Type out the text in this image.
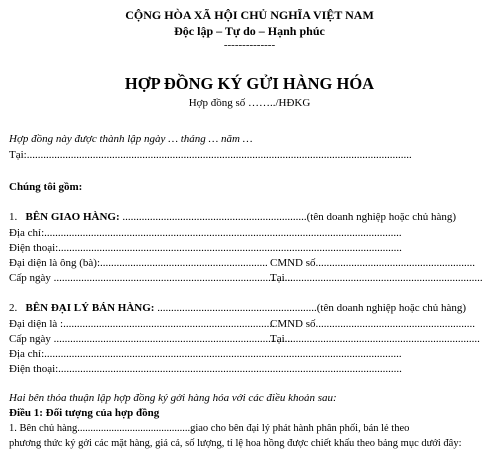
CỘNG HÒA XÃ HỘI CHỦ NGHĨA VIỆT NAM
Độc lập – Tự do – Hạnh phúc
--------------
HỢP ĐỒNG KÝ GỬI HÀNG HÓA
Hợp đồng số ……../HĐKG
Hợp đồng này được thành lập ngày … tháng … năm …
Tại:............................................................................................................................................
Chúng tôi gồm:
1. BÊN GIAO HÀNG: ...................................................................(tên doanh nghiệp hoặc chủ hàng)
Địa chỉ:..................................................................................................................................
Điện thoại:.............................................................................................................................
Đại diện là ông (bà):............................................................. CMND số..........................................................
Cấp ngày .......................................................................................
Tại........................................................................
2. BÊN ĐẠI LÝ BÁN HÀNG: ..........................................................(tên doanh nghiệp hoặc chủ hàng)
Đại diện là :.............................................................................
CMND số..........................................................
Cấp ngày .......................................................................................
Tại.......................................................................
Địa chỉ:..................................................................................................................................
Điện thoại:.............................................................................................................................
Hai bên thỏa thuận lập hợp đồng ký gởi hàng hóa với các điều khoản sau:
Điều 1: Đối tượng của hợp đồng
1. Bên chủ hàng...........................................giao cho bên đại lý phát hành phân phối, bán lẻ theo
phương thức ký gởi các mặt hàng, giá cả, số lượng, tỉ lệ hoa hồng được chiết khấu theo bảng mục dưới đây:
